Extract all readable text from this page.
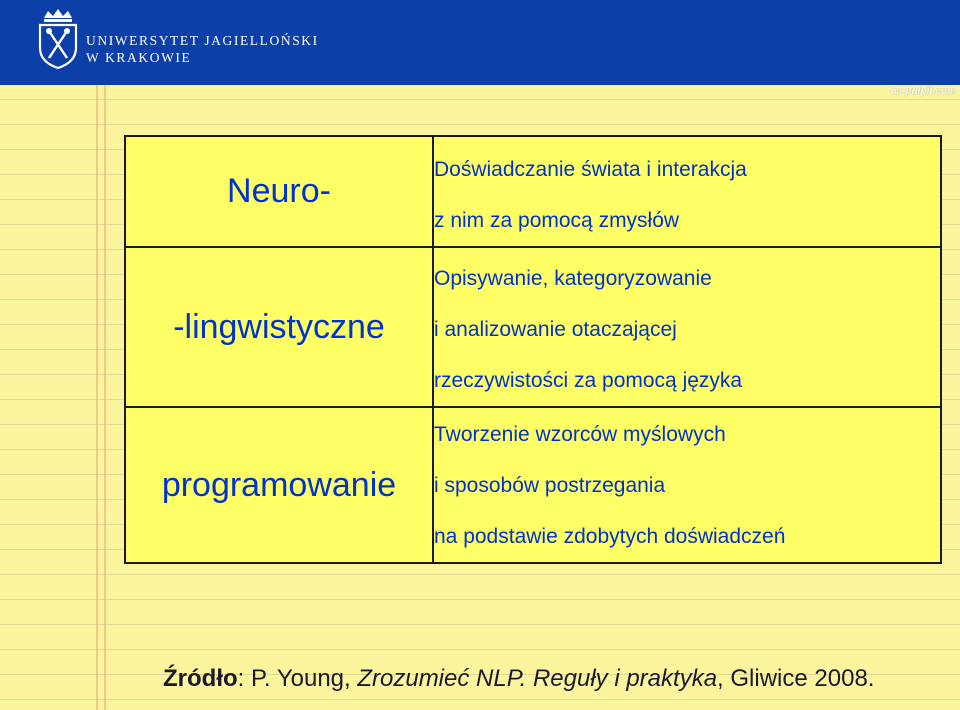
UNIWERSYTET JAGIELLOŃSKI
W KRAKOWIE
na-pulpit.com
Neuro-	Doświadczanie świata i interakcja
z nim za pomocą zmysłów

-lingwistyczne	Opisywanie, kategoryzowanie
i analizowanie otaczającej
rzeczywistości za pomocą języka

programowanie	Tworzenie wzorców myślowych
i sposobów postrzegania
na podstawie zdobytych doświadczeń
Źródło: P. Young, Zrozumieć NLP. Reguły i praktyka, Gliwice 2008.
